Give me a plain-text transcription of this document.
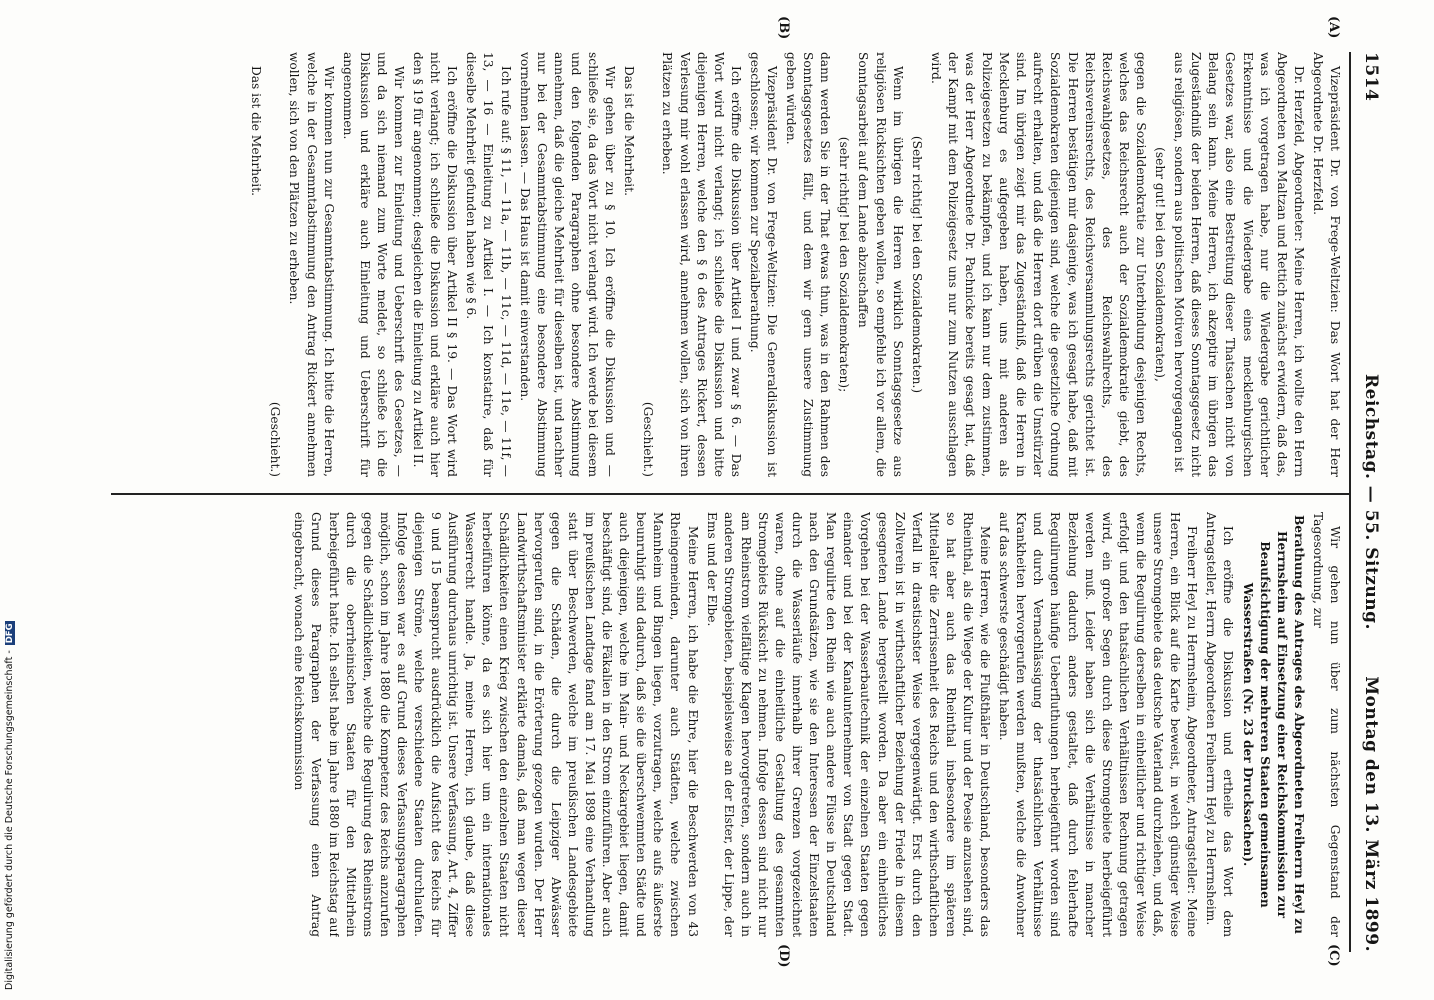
1514
Reichstag. — 55. Sitzung.
Montag den 13. März 1899.
(A)
(B)
(C)
(D)

Vizepräsident Dr. von Frege-Weltzien: Das Wort hat der Herr Abgeordnete Dr. Herzfeld.

Dr. Herzfeld, Abgeordneter: Meine Herren, ich wollte den Herrn Abgeordneten von Maltzan und Rettich zunächst erwidern, daß das, was ich vorgetragen habe, nur die Wiedergabe gerichtlicher Erkenntnisse und die Wiedergabe eines mecklenburgischen Gesetzes war, also eine Bestreitung dieser Thatsachen nicht von Belang sein kann. Meine Herren, ich akzeptire im übrigen das Zugeständniß der beiden Herren, daß dieses Sonntagsgesetz nicht aus religiösen, sondern aus politischen Motiven hervorgegangen ist

(sehr gut! bei den Sozialdemokraten),

gegen die Sozialdemokratie zur Unterbindung desjenigen Rechts, welches das Reichsrecht auch der Sozialdemokratie giebt, des Reichswahlgesetzes, des Reichswahlrechts, des Reichsvereinsrechts, des Reichsversammlungsrechts gerichtet ist. Die Herren bestätigen mir dasjenige, was ich gesagt habe, daß mit Sozialdemokraten diejenigen sind, welche die gesetzliche Ordnung aufrecht erhalten, und daß die Herren dort drüben die Umstürzler sind. Im übrigen zeigt mir das Zugeständniß, daß die Herren in Mecklenburg es aufgegeben haben, uns mit anderen als Polizeigesetzen zu bekämpfen, und ich kann nur dem zustimmen, was der Herr Abgeordnete Dr. Pachnicke bereits gesagt hat, daß der Kampf mit dem Polizeigesetz uns nur zum Nutzen ausschlagen wird.

(Sehr richtig! bei den Sozialdemokraten.)

Wenn im übrigen die Herren wirklich Sonntagsgesetze aus religiösen Rücksichten geben wollen, so empfehle ich vor allem, die Sonntagsarbeit auf dem Lande abzuschaffen

(sehr richtig! bei den Sozialdemokraten);

dann werden Sie in der That etwas thun, was in den Rahmen des Sonntagsgesetzes fällt, und dem wir gern unsere Zustimmung geben würden.

Vizepräsident Dr. von Frege-Weltzien: Die Generaldiskussion ist geschlossen; wir kommen zur Spezialberathung.

Ich eröffne die Diskussion über Artikel I und zwar § 6. — Das Wort wird nicht verlangt; ich schließe die Diskussion und bitte diejenigen Herren, welche den § 6 des Antrages Rickert, dessen Verlesung mir wohl erlassen wird, annehmen wollen, sich von ihren Plätzen zu erheben.

(Geschieht.)

Das ist die Mehrheit.

Wir gehen über zu § 10. Ich eröffne die Diskussion und — schließe sie, da das Wort nicht verlangt wird. Ich werde bei diesem und den folgenden Paragraphen ohne besondere Abstimmung annehmen, daß die gleiche Mehrheit für dieselben ist, und nachher nur bei der Gesammtabstimmung eine besondere Abstimmung vornehmen lassen. — Das Haus ist damit einverstanden.

Ich rufe auf: § 11, — 11a, — 11b, — 11c, — 11d, — 11e, — 11f, — 13, — 16 — Einleitung zu Artikel I. — Ich konstatire, daß für dieselbe Mehrheit gefunden haben wie § 6.

Ich eröffne die Diskussion über Artikel II § 19. — Das Wort wird nicht verlangt; ich schließe die Diskussion und erkläre auch hier den § 19 für angenommen; desgleichen die Einleitung zu Artikel II.

Wir kommen zur Einleitung und Ueberschrift des Gesetzes, — und da sich niemand zum Worte meldet, so schließe ich die Diskussion und erkläre auch Einleitung und Ueberschrift für angenommen.

Wir kommen nun zur Gesammtabstimmung. Ich bitte die Herren, welche in der Gesammtabstimmung den Antrag Rickert annehmen wollen, sich von den Plätzen zu erheben.

(Geschieht.)

Das ist die Mehrheit.

Wir gehen nun über zum nächsten Gegenstand der Tagesordnung, zur

Berathung des Antrages des Abgeordneten Freiherrn Heyl zu Herrnsheim auf Einsetzung einer Reichskommission zur Beaufsichtigung der mehreren Staaten gemeinsamen Wasserstraßen (Nr. 23 der Drucksachen).

Ich eröffne die Diskussion und ertheile das Wort dem Antragsteller, Herrn Abgeordneten Freiherrn Heyl zu Herrnsheim.

Freiherr Heyl zu Herrnsheim, Abgeordneter, Antragsteller: Meine Herren, ein Blick auf die Karte beweist, in welch günstiger Weise unsere Stromgebiete das deutsche Vaterland durchziehen, und daß, wenn die Regulirung derselben in einheitlicher und richtiger Weise erfolgt und den thatsächlichen Verhältnissen Rechnung getragen wird, ein großer Segen durch diese Stromgebiete herbeigeführt werden muß. Leider haben sich die Verhältnisse in mancher Beziehung dadurch anders gestaltet, daß durch fehlerhafte Regulirungen häufige Ueberfluthungen herbeigeführt worden sind und durch Vernachlässigung der thatsächlichen Verhältnisse Krankheiten hervorgerufen werden mußten, welche die Anwohner auf das schwerste geschädigt haben.

Meine Herren, wie die Flußthäler in Deutschland, besonders das Rheinthal, als die Wiege der Kultur und der Poesie anzusehen sind, so hat aber auch das Rheinthal insbesondere im späteren Mittelalter die Zerrissenheit des Reichs und den wirthschaftlichen Verfall in drastischster Weise vergegenwärtigt. Erst durch den Zollverein ist in wirthschaftlicher Beziehung der Friede in diesem gesegneten Lande hergestellt worden. Da aber ein einheitliches Vorgehen bei der Wasserbautechnik der einzelnen Staaten gegen einander und bei der Kanalunternehmer von Stadt gegen Stadt. Man regulirte den Rhein wie auch andere Flüsse in Deutschland nach den Grundsätzen, wie sie den Interessen der Einzelstaaten durch die Wasserläufe innerhalb ihrer Grenzen vorgezeichnet waren, ohne auf die einheitliche Gestaltung des gesammten Stromgebiets Rücksicht zu nehmen. Infolge dessen sind nicht nur am Rheinstrom vielfältige Klagen hervorgetreten, sondern auch in anderen Stromgebieten, beispielsweise an der Elster, der Lippe, der Ems und der Elbe.

Meine Herren, ich habe die Ehre, hier die Beschwerden von 43 Rheingemeinden, darunter auch Städten, welche zwischen Mannheim und Bingen liegen, vorzutragen, welche aufs äußerste beunruhigt sind dadurch, daß sie die überschwemmten Städte und auch diejenigen, welche im Main- und Neckargebiet liegen, damit beschäftigt sind, die Fäkalien in den Strom einzuführen. Aber auch im preußischen Landtage fand am 17. Mai 1898 eine Verhandlung statt über Beschwerden, welche im preußischen Landesgebiete gegen die Schäden, die durch die Leipziger Abwässer hervorgerufen sind, in die Erörterung gezogen wurden. Der Herr Landwirthschaftsminister erklärte damals, daß man wegen dieser Schädlichkeiten einen Krieg zwischen den einzelnen Staaten nicht herbeiführen könne, da es sich hier um ein internationales Wasserrecht handle. Ja, meine Herren, ich glaube, daß diese Ausführung durchaus unrichtig ist. Unsere Verfassung, Art. 4, Ziffer 9 und 15 beansprucht ausdrücklich die Aufsicht des Reichs für diejenigen Ströme, welche verschiedene Staaten durchlaufen. Infolge dessen war es auf Grund dieses Verfassungsparagraphen möglich, schon im Jahre 1880 die Kompetenz des Reichs anzurufen gegen die Schädlichkeiten, welche die Regulirung des Rheinstroms durch die oberrheinischen Staaten für den Mittelrhein herbeigeführt hatte. Ich selbst habe im Jahre 1880 im Reichstag auf Grund dieses Paragraphen der Verfassung einen Antrag eingebracht, wonach eine Reichskommission

Digitalisierung gefördert durch die Deutsche Forschungsgemeinschaft -DFG
